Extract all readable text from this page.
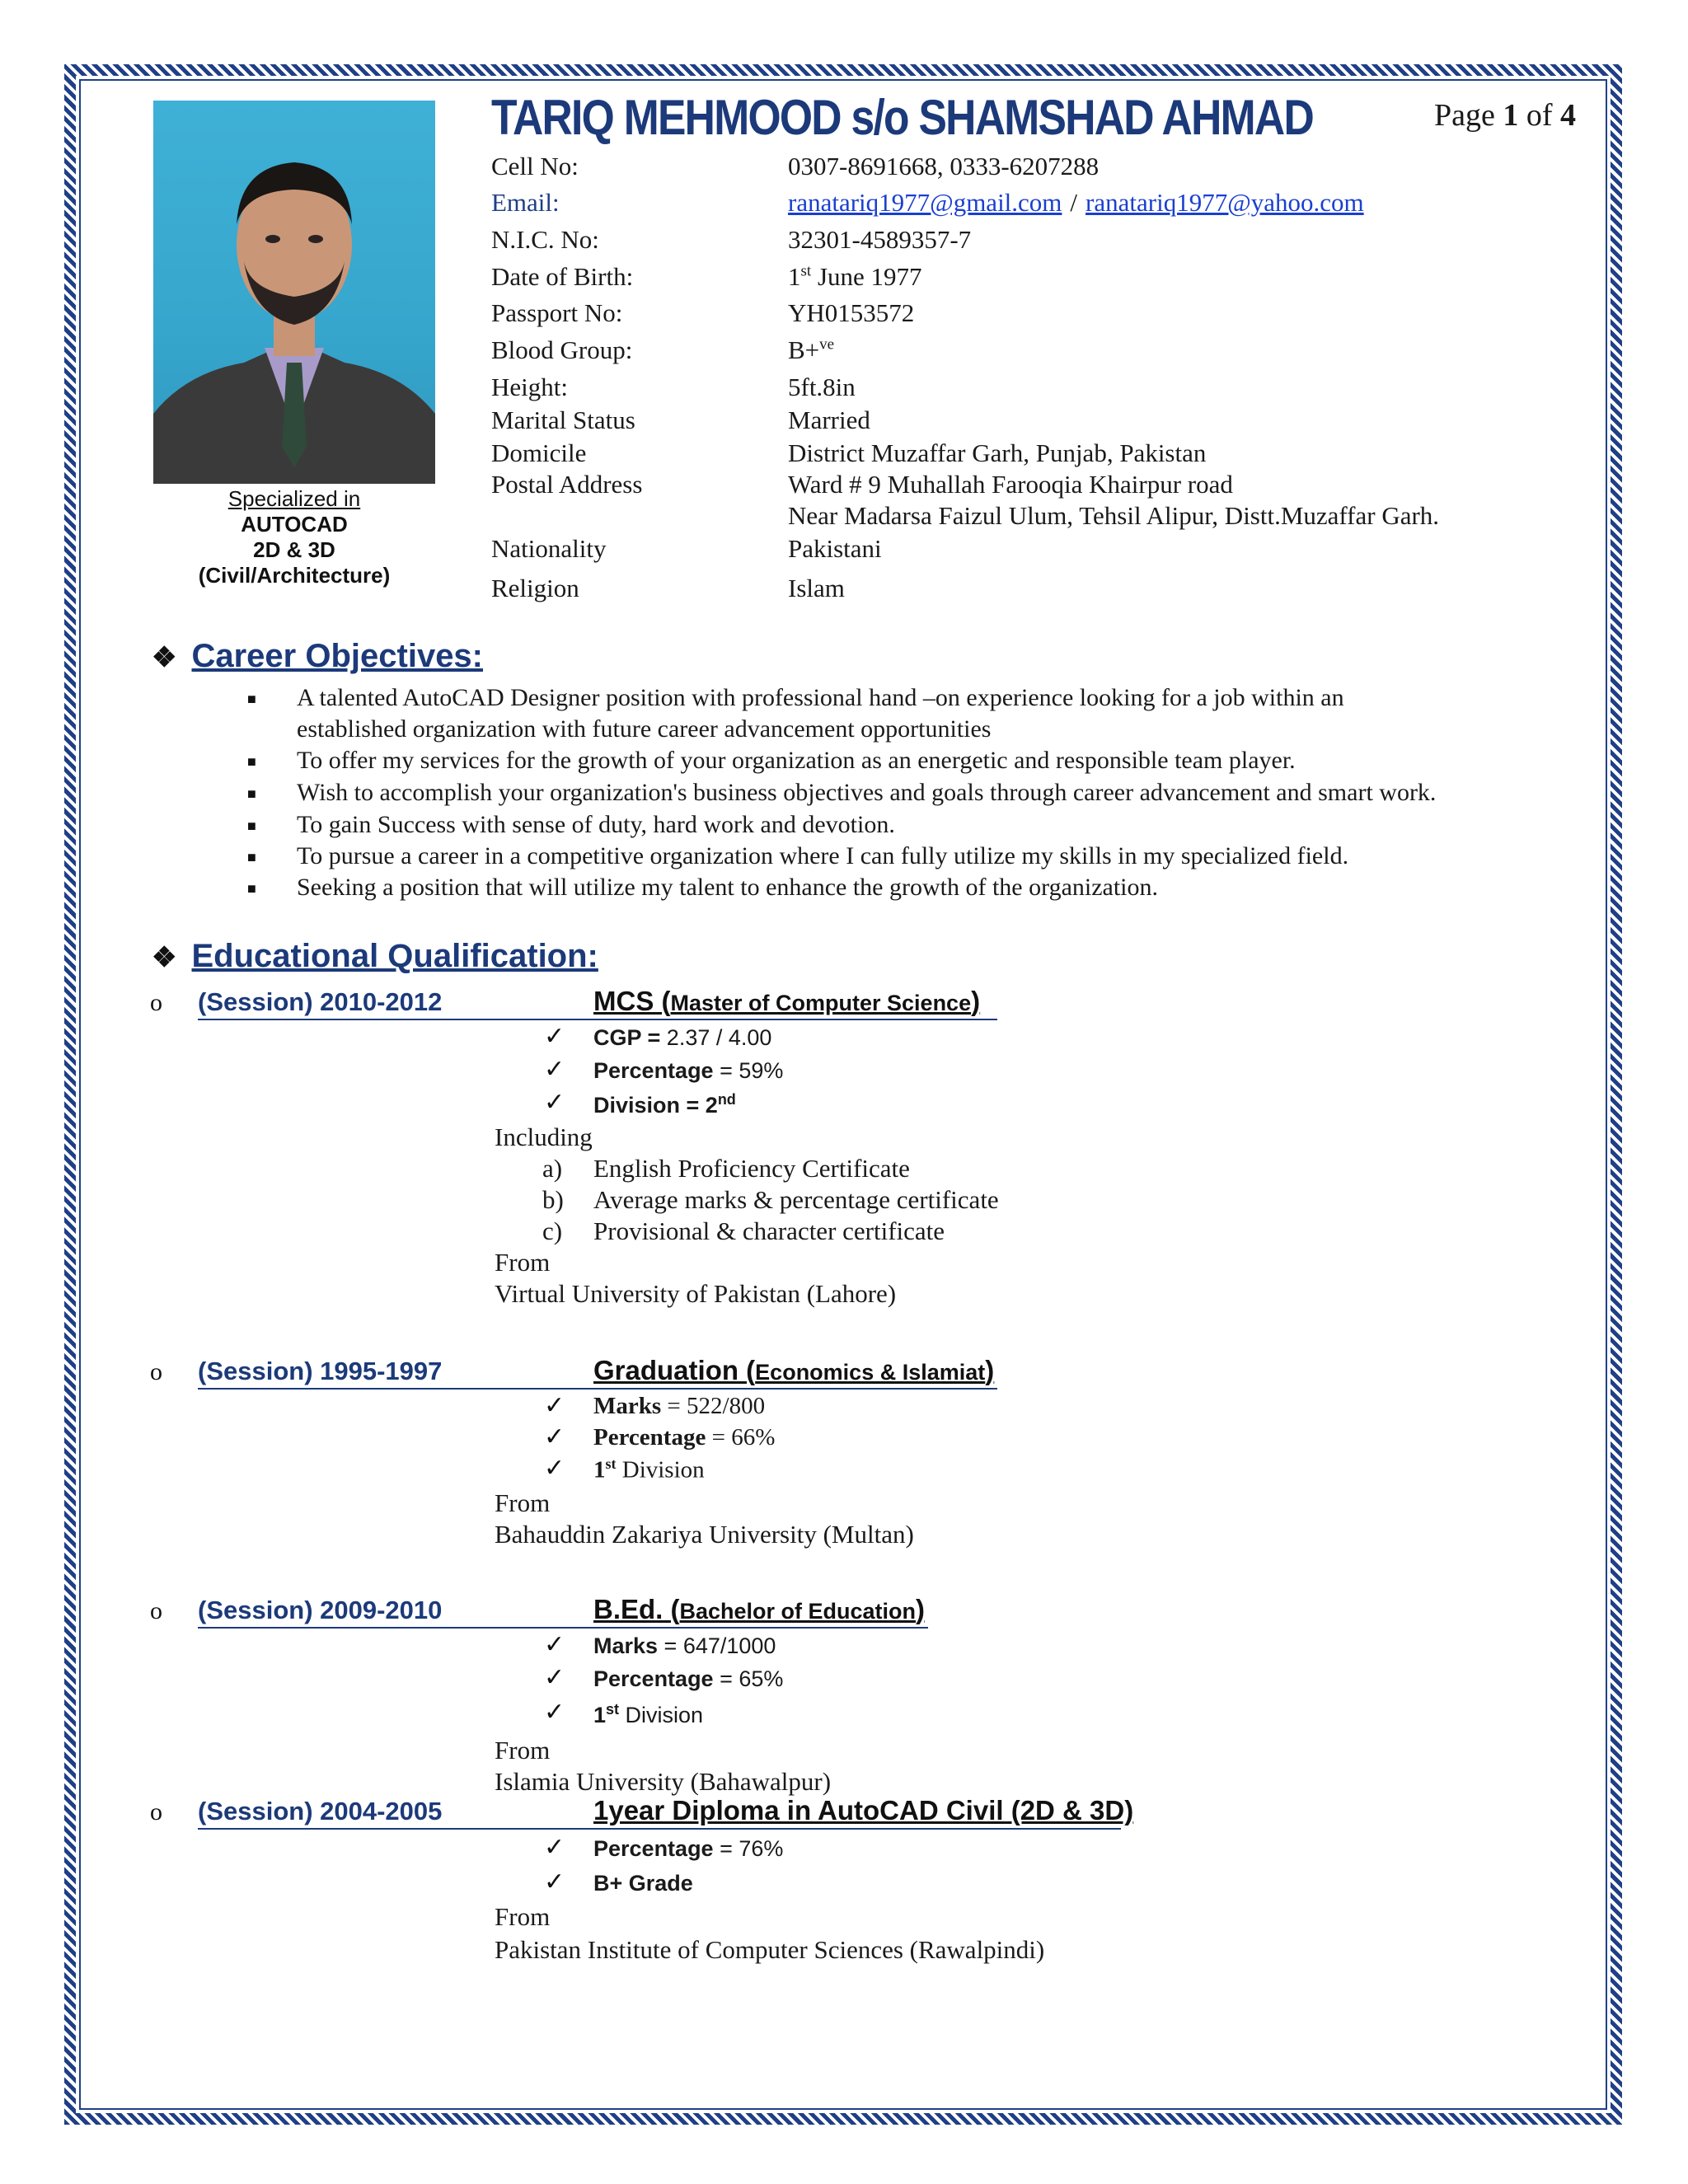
Specialized in
AUTOCAD
2D & 3D
(Civil/Architecture)
TARIQ MEHMOOD s/o SHAMSHAD AHMAD	Page 1 of 4
Cell No:	0307-8691668, 0333-6207288
Email:	ranatariq1977@gmail.com / ranatariq1977@yahoo.com
N.I.C. No:	32301-4589357-7
Date of Birth:	1st June 1977
Passport No:	YH0153572
Blood Group:	B+$^{ve}$
Height:	5ft.8in
Marital Status	Married
Domicile	District Muzaffar Garh, Punjab, Pakistan
Postal Address	Ward # 9 Muhallah Farooqia Khairpur road
Near Madarsa Faizul Ulum, Tehsil Alipur, Distt.Muzaffar Garh.
Nationality	Pakistani
Religion	Islam
❖ Career Objectives:
■ A talented AutoCAD Designer position with professional hand –on experience looking for a job within an
established organization with future career advancement opportunities
■ To offer my services for the growth of your organization as an energetic and responsible team player.
■ Wish to accomplish your organization's business objectives and goals through career advancement and smart work.
■ To gain Success with sense of duty, hard work and devotion.
■ To pursue a career in a competitive organization where I can fully utilize my skills in my specialized field.
■ Seeking a position that will utilize my talent to enhance the growth of the organization.
❖ Educational Qualification:
o (Session) 2010-2012	MCS (Master of Computer Science)
✓ CGP = 2.37 / 4.00
✓ Percentage = 59%
✓ Division = 2nd
Including
a) English Proficiency Certificate
b) Average marks & percentage certificate
c) Provisional & character certificate
From
Virtual University of Pakistan (Lahore)
o (Session) 1995-1997	Graduation (Economics & Islamiat)
✓ Marks = 522/800
✓ Percentage = 66%
✓ 1st Division
From
Bahauddin Zakariya University (Multan)
o (Session) 2009-2010	B.Ed. (Bachelor of Education)
✓ Marks = 647/1000
✓ Percentage = 65%
✓ 1st Division
From
Islamia University (Bahawalpur)
o (Session) 2004-2005	1year Diploma in AutoCAD Civil (2D & 3D)
✓ Percentage = 76%
✓ B+ Grade
From
Pakistan Institute of Computer Sciences (Rawalpindi)
